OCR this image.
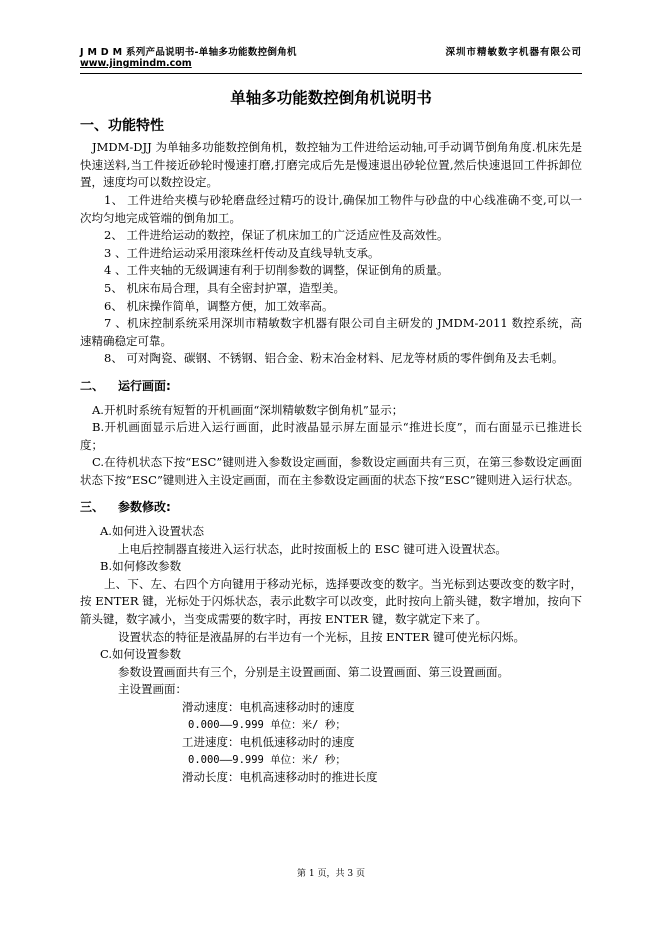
J M D M 系列产品说明书-单轴多功能数控倒角机	深圳市精敏数字机器有限公司
www.jingmindm.com
单轴多功能数控倒角机说明书
一、功能特性

JMDM-DJJ 为单轴多功能数控倒角机，数控轴为工件进给运动轴,可手动调节倒角角度.机床先是快速送料,当工件接近砂轮时慢速打磨,打磨完成后先是慢速退出砂轮位置,然后快速退回工件拆卸位置，速度均可以数控设定。

1、 工件进给夹模与砂轮磨盘经过精巧的设计,确保加工物件与砂盘的中心线准确不变,可以一次均匀地完成管端的倒角加工。

2、 工件进给运动的数控，保证了机床加工的广泛适应性及高效性。

3 、工件进给运动采用滚珠丝杆传动及直线导轨支承。

4 、工件夹轴的无级调速有利于切削参数的调整，保证倒角的质量。

5、 机床布局合理，具有全密封护罩，造型美。

6、 机床操作简单，调整方便，加工效率高。

7 、机床控制系统采用深圳市精敏数字机器有限公司自主研发的 JMDM-2011 数控系统，高速精确稳定可靠。

8、 可对陶瓷、碳钢、不锈钢、铝合金、粉末冶金材料、尼龙等材质的零件倒角及去毛刺。

二、 运行画面:

A.开机时系统有短暂的开机画面“深圳精敏数字倒角机”显示；

B.开机画面显示后进入运行画面，此时液晶显示屏左面显示“推进长度”，而右面显示已推进长度；

C.在待机状态下按“ESC”键则进入参数设定画面，参数设定画面共有三页，在第三参数设定画面状态下按“ESC”键则进入主设定画面，而在主参数设定画面的状态下按“ESC”键则进入运行状态。

三、 参数修改:

A.如何进入设置状态

上电后控制器直接进入运行状态，此时按面板上的 ESC 键可进入设置状态。

B.如何修改参数

上、下、左、右四个方向键用于移动光标，选择要改变的数字。当光标到达要改变的数字时，按 ENTER 键，光标处于闪烁状态，表示此数字可以改变，此时按向上箭头键，数字增加，按向下箭头键，数字减小，当变成需要的数字时，再按 ENTER 键，数字就定下来了。

设置状态的特征是液晶屏的右半边有一个光标，且按 ENTER 键可使光标闪烁。

C.如何设置参数

参数设置画面共有三个，分别是主设置画面、第二设置画面、第三设置画面。

主设置画面：

滑动速度：电机高速移动时的速度

0.000——9.999 单位：米/ 秒；

工进速度：电机低速移动时的速度

0.000——9.999 单位：米/ 秒；

滑动长度：电机高速移动时的推进长度

第 1 页，共 3 页
